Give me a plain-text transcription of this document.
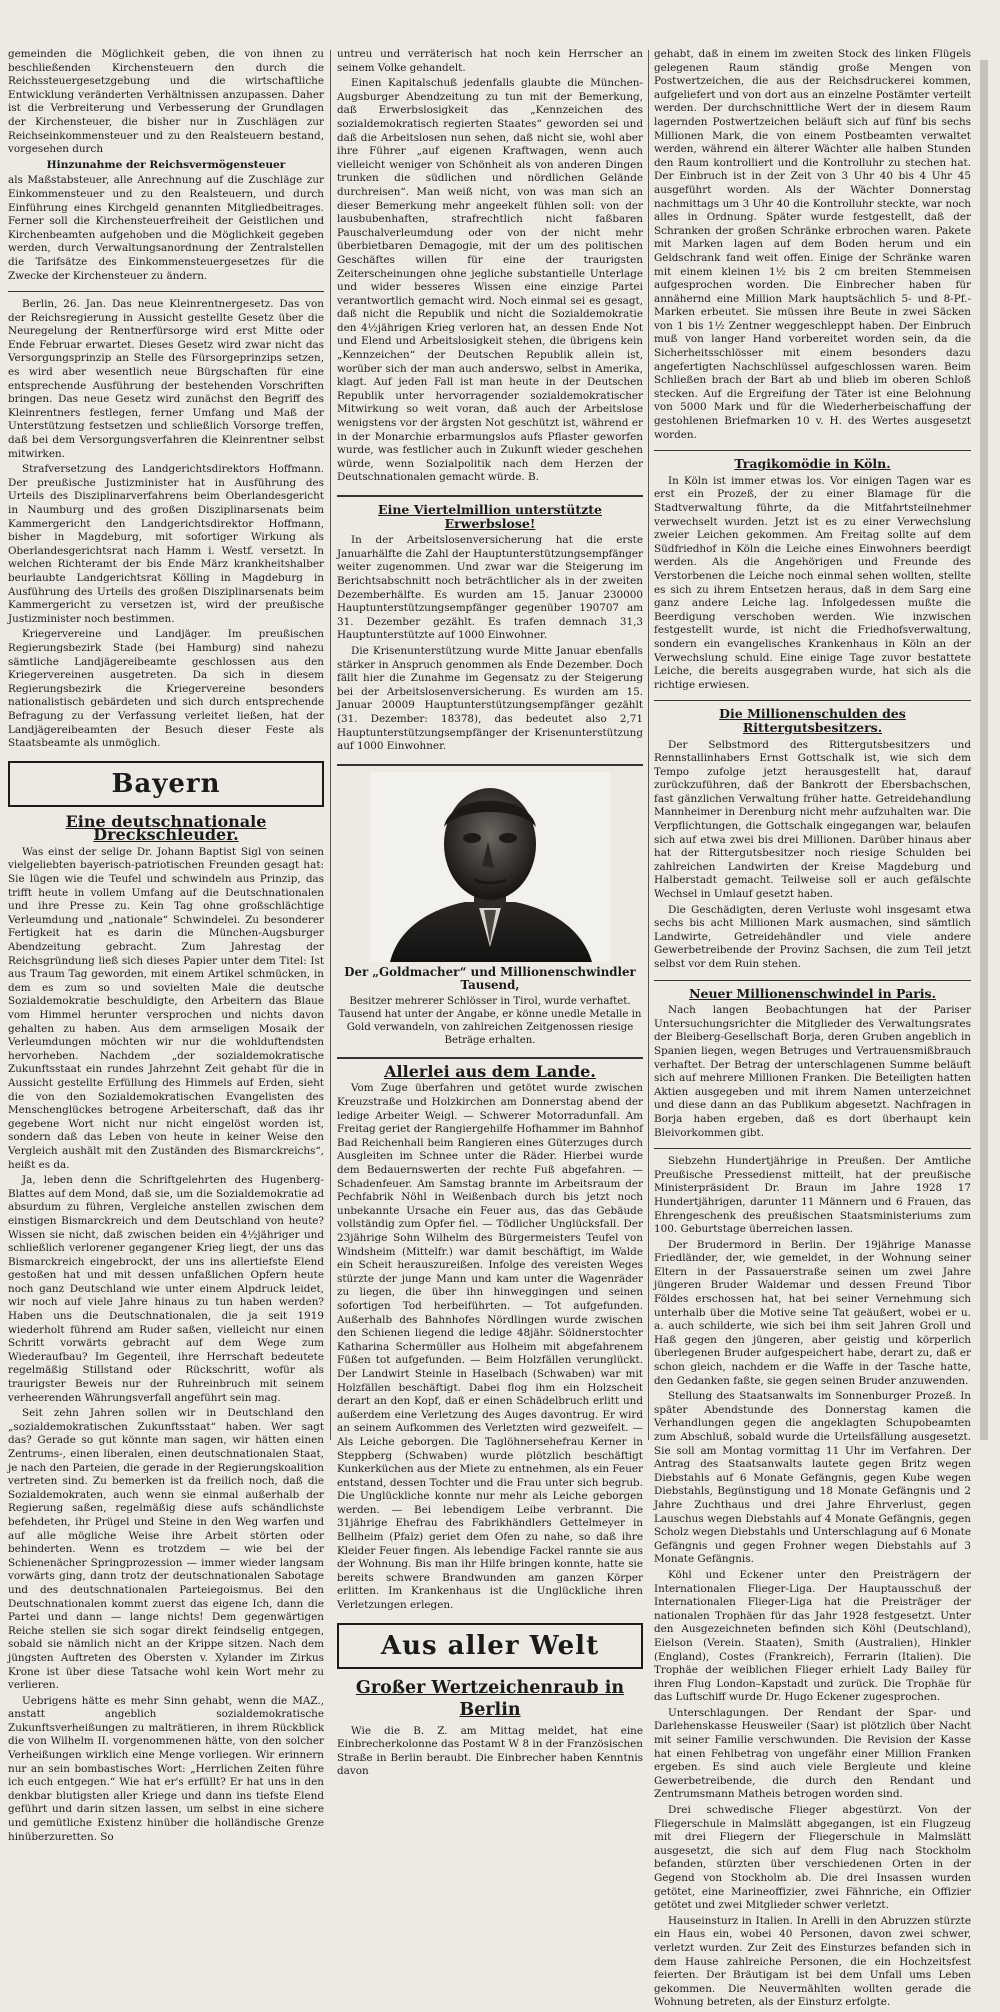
gemeinden die Möglichkeit geben, die von ihnen zu beschließenden Kirchensteuern den durch die Reichssteuergesetzgebung und die wirtschaftliche Entwicklung veränderten Verhältnissen anzupassen. Daher ist die Verbreiterung und Verbesserung der Grundlagen der Kirchensteuer, die bisher nur in Zuschlägen zur Reichseinkommensteuer und zu den Realsteuern bestand, vorgesehen durch

Hinzunahme der Reichsvermögensteuer

als Maßstabsteuer, alle Anrechnung auf die Zuschläge zur Einkommensteuer und zu den Realsteuern, und durch Einführung eines Kirchgeld genannten Mitgliedbeitrages. Ferner soll die Kirchensteuerfreiheit der Geistlichen und Kirchenbeamten aufgehoben und die Möglichkeit gegeben werden, durch Verwaltungsanordnung der Zentralstellen die Tarifsätze des Einkommensteuergesetzes für die Zwecke der Kirchensteuer zu ändern.

Berlin, 26. Jan. Das neue Kleinrentnergesetz. Das von der Reichsregierung in Aussicht gestellte Gesetz über die Neuregelung der Rentnerfürsorge wird erst Mitte oder Ende Februar erwartet. Dieses Gesetz wird zwar nicht das Versorgungsprinzip an Stelle des Fürsorgeprinzips setzen, es wird aber wesentlich neue Bürgschaften für eine entsprechende Ausführung der bestehenden Vorschriften bringen. Das neue Gesetz wird zunächst den Begriff des Kleinrentners festlegen, ferner Umfang und Maß der Unterstützung festsetzen und schließlich Vorsorge treffen, daß bei dem Versorgungsverfahren die Kleinrentner selbst mitwirken.

Strafversetzung des Landgerichtsdirektors Hoffmann. Der preußische Justizminister hat in Ausführung des Urteils des Disziplinarverfahrens beim Oberlandesgericht in Naumburg und des großen Disziplinarsenats beim Kammergericht den Landgerichtsdirektor Hoffmann, bisher in Magdeburg, mit sofortiger Wirkung als Oberlandesgerichtsrat nach Hamm i. Westf. versetzt. In welchen Richteramt der bis Ende März krankheitshalber beurlaubte Landgerichtsrat Kölling in Magdeburg in Ausführung des Urteils des großen Disziplinarsenats beim Kammergericht zu versetzen ist, wird der preußische Justizminister noch bestimmen.

Kriegervereine und Landjäger. Im preußischen Regierungsbezirk Stade (bei Hamburg) sind nahezu sämtliche Landjägereibeamte geschlossen aus den Kriegervereinen ausgetreten. Da sich in diesem Regierungsbezirk die Kriegervereine besonders nationalistisch gebärdeten und sich durch entsprechende Befragung zu der Verfassung verleitet ließen, hat der Landjägereibeamten der Besuch dieser Feste als Staatsbeamte als unmöglich.

Bayern
Eine deutschnationale Dreckschleuder.

Was einst der selige Dr. Johann Baptist Sigl von seinen vielgeliebten bayerisch-patriotischen Freunden gesagt hat: Sie lügen wie die Teufel und schwindeln aus Prinzip, das trifft heute in vollem Umfang auf die Deutschnationalen und ihre Presse zu. Kein Tag ohne großschlächtige Verleumdung und „nationale“ Schwindelei. Zu besonderer Fertigkeit hat es darin die München-Augsburger Abendzeitung gebracht. Zum Jahrestag der Reichsgründung ließ sich dieses Papier unter dem Titel: Ist aus Traum Tag geworden, mit einem Artikel schmücken, in dem es zum so und sovielten Male die deutsche Sozialdemokratie beschuldigte, den Arbeitern das Blaue vom Himmel herunter versprochen und nichts davon gehalten zu haben. Aus dem armseligen Mosaik der Verleumdungen möchten wir nur die wohlduftendsten hervorheben. Nachdem „der sozialdemokratische Zukunftsstaat ein rundes Jahrzehnt Zeit gehabt für die in Aussicht gestellte Erfüllung des Himmels auf Erden, sieht die von den Sozialdemokratischen Evangelisten des Menschenglückes betrogene Arbeiterschaft, daß das ihr gegebene Wort nicht nur nicht eingelöst worden ist, sondern daß das Leben von heute in keiner Weise den Vergleich aushält mit den Zuständen des Bismarckreichs“, heißt es da.

Ja, leben denn die Schriftgelehrten des Hugenberg-Blattes auf dem Mond, daß sie, um die Sozialdemokratie ad absurdum zu führen, Vergleiche anstellen zwischen dem einstigen Bismarckreich und dem Deutschland von heute? Wissen sie nicht, daß zwischen beiden ein 4½jähriger und schließlich verlorener gegangener Krieg liegt, der uns das Bismarckreich eingebrockt, der uns ins allertiefste Elend gestoßen hat und mit dessen unfaßlichen Opfern heute noch ganz Deutschland wie unter einem Alpdruck leidet, wir noch auf viele Jahre hinaus zu tun haben werden? Haben uns die Deutschnationalen, die ja seit 1919 wiederholt führend am Ruder saßen, vielleicht nur einen Schritt vorwärts gebracht auf dem Wege zum Wiederaufbau? Im Gegenteil, ihre Herrschaft bedeutete regelmäßig Stillstand oder Rückschritt, wofür als traurigster Beweis nur der Ruhreinbruch mit seinem verheerenden Währungsverfall angeführt sein mag.

Seit zehn Jahren sollen wir in Deutschland den „sozialdemokratischen Zukunftsstaat“ haben. Wer sagt das? Gerade so gut könnte man sagen, wir hätten einen Zentrums-, einen liberalen, einen deutschnationalen Staat, je nach den Parteien, die gerade in der Regierungskoalition vertreten sind. Zu bemerken ist da freilich noch, daß die Sozialdemokraten, auch wenn sie einmal außerhalb der Regierung saßen, regelmäßig diese aufs schändlichste befehdeten, ihr Prügel und Steine in den Weg warfen und auf alle mögliche Weise ihre Arbeit störten oder behinderten. Wenn es trotzdem — wie bei der Schienenächer Springprozession — immer wieder langsam vorwärts ging, dann trotz der deutschnationalen Sabotage und des deutschnationalen Parteiegoismus. Bei den Deutschnationalen kommt zuerst das eigene Ich, dann die Partei und dann — lange nichts! Dem gegenwärtigen Reiche stellen sie sich sogar direkt feindselig entgegen, sobald sie nämlich nicht an der Krippe sitzen. Nach dem jüngsten Auftreten des Obersten v. Xylander im Zirkus Krone ist über diese Tatsache wohl kein Wort mehr zu verlieren.

Uebrigens hätte es mehr Sinn gehabt, wenn die MAZ., anstatt angeblich sozialdemokratische Zukunftsverheißungen zu malträtieren, in ihrem Rückblick die von Wilhelm II. vorgenommenen hätte, von den solcher Verheißungen wirklich eine Menge vorliegen. Wir erinnern nur an sein bombastisches Wort: „Herrlichen Zeiten führe ich euch entgegen.“ Wie hat er's erfüllt? Er hat uns in den denkbar blutigsten aller Kriege und dann ins tiefste Elend geführt und darin sitzen lassen, um selbst in eine sichere und gemütliche Existenz hinüber die holländische Grenze hinüberzuretten. So

untreu und verräterisch hat noch kein Herrscher an seinem Volke gehandelt.

Einen Kapitalschuß jedenfalls glaubte die München-Augsburger Abendzeitung zu tun mit der Bemerkung, daß Erwerbslosigkeit das „Kennzeichen des sozialdemokratisch regierten Staates“ geworden sei und daß die Arbeitslosen nun sehen, daß nicht sie, wohl aber ihre Führer „auf eigenen Kraftwagen, wenn auch vielleicht weniger von Schönheit als von anderen Dingen trunken die südlichen und nördlichen Gelände durchreisen“. Man weiß nicht, von was man sich an dieser Bemerkung mehr angeekelt fühlen soll: von der lausbubenhaften, strafrechtlich nicht faßbaren Pauschalverleumdung oder von der nicht mehr überbietbaren Demagogie, mit der um des politischen Geschäftes willen für eine der traurigsten Zeiterscheinungen ohne jegliche substantielle Unterlage und wider besseres Wissen eine einzige Partei verantwortlich gemacht wird. Noch einmal sei es gesagt, daß nicht die Republik und nicht die Sozialdemokratie den 4½jährigen Krieg verloren hat, an dessen Ende Not und Elend und Arbeitslosigkeit stehen, die übrigens kein „Kennzeichen“ der Deutschen Republik allein ist, worüber sich der man auch anderswo, selbst in Amerika, klagt. Auf jeden Fall ist man heute in der Deutschen Republik unter hervorragender sozialdemokratischer Mitwirkung so weit voran, daß auch der Arbeitslose wenigstens vor der ärgsten Not geschützt ist, während er in der Monarchie erbarmungslos aufs Pflaster geworfen wurde, was festlicher auch in Zukunft wieder geschehen würde, wenn Sozialpolitik nach dem Herzen der Deutschnationalen gemacht würde. B.

Eine Viertelmillion unterstützte Erwerbslose!

In der Arbeitslosenversicherung hat die erste Januarhälfte die Zahl der Hauptunterstützungsempfänger weiter zugenommen. Und zwar war die Steigerung im Berichtsabschnitt noch beträchtlicher als in der zweiten Dezemberhälfte. Es wurden am 15. Januar 230000 Hauptunterstützungsempfänger gegenüber 190707 am 31. Dezember gezählt. Es trafen demnach 31,3 Hauptunterstützte auf 1000 Einwohner.

Die Krisenunterstützung wurde Mitte Januar ebenfalls stärker in Anspruch genommen als Ende Dezember. Doch fällt hier die Zunahme im Gegensatz zu der Steigerung bei der Arbeitslosenversicherung. Es wurden am 15. Januar 20009 Hauptunterstützungsempfänger gezählt (31. Dezember: 18378), das bedeutet also 2,71 Hauptunterstützungsempfänger der Krisenunterstützung auf 1000 Einwohner.

Der „Goldmacher“ und Millionenschwindler Tausend,
Besitzer mehrerer Schlösser in Tirol, wurde verhaftet. Tausend hat unter der Angabe, er könne unedle Metalle in Gold verwandeln, von zahlreichen Zeitgenossen riesige Beträge erhalten.
Allerlei aus dem Lande.

Vom Zuge überfahren und getötet wurde zwischen Kreuzstraße und Holzkirchen am Donnerstag abend der ledige Arbeiter Weigl. — Schwerer Motorradunfall. Am Freitag geriet der Rangiergehilfe Hofhammer im Bahnhof Bad Reichenhall beim Rangieren eines Güterzuges durch Ausgleiten im Schnee unter die Räder. Hierbei wurde dem Bedauernswerten der rechte Fuß abgefahren. — Schadenfeuer. Am Samstag brannte im Arbeitsraum der Pechfabrik Nöhl in Weißenbach durch bis jetzt noch unbekannte Ursache ein Feuer aus, das das Gebäude vollständig zum Opfer fiel. — Tödlicher Unglücksfall. Der 23jährige Sohn Wilhelm des Bürgermeisters Teufel von Windsheim (Mittelfr.) war damit beschäftigt, im Walde ein Scheit herauszureißen. Infolge des vereisten Weges stürzte der junge Mann und kam unter die Wagenräder zu liegen, die über ihn hinweggingen und seinen sofortigen Tod herbeiführten. — Tot aufgefunden. Außerhalb des Bahnhofes Nördlingen wurde zwischen den Schienen liegend die ledige 48jähr. Söldnerstochter Katharina Schermüller aus Holheim mit abgefahrenem Füßen tot aufgefunden. — Beim Holzfällen verunglückt. Der Landwirt Steinle in Haselbach (Schwaben) war mit Holzfällen beschäftigt. Dabei flog ihm ein Holzscheit derart an den Kopf, daß er einen Schädelbruch erlitt und außerdem eine Verletzung des Auges davontrug. Er wird an seinem Aufkommen des Verletzten wird gezweifelt. — Als Leiche geborgen. Die Taglöhnersehefrau Kerner in Steppberg (Schwaben) wurde plötzlich beschäftigt Kunkerküchen aus der Miete zu entnehmen, als ein Feuer entstand, dessen Tochter und die Frau unter sich begrub. Die Unglückliche konnte nur mehr als Leiche geborgen werden. — Bei lebendigem Leibe verbrannt. Die 31jährige Ehefrau des Fabrikhändlers Gettelmeyer in Bellheim (Pfalz) geriet dem Ofen zu nahe, so daß ihre Kleider Feuer fingen. Als lebendige Fackel rannte sie aus der Wohnung. Bis man ihr Hilfe bringen konnte, hatte sie bereits schwere Brandwunden am ganzen Körper erlitten. Im Krankenhaus ist die Unglückliche ihren Verletzungen erlegen.

Aus aller Welt
Großer Wertzeichenraub in Berlin

Wie die B. Z. am Mittag meldet, hat eine Einbrecherkolonne das Postamt W 8 in der Französischen Straße in Berlin beraubt. Die Einbrecher haben Kenntnis davon

gehabt, daß in einem im zweiten Stock des linken Flügels gelegenen Raum ständig große Mengen von Postwertzeichen, die aus der Reichsdruckerei kommen, aufgeliefert und von dort aus an einzelne Postämter verteilt werden. Der durchschnittliche Wert der in diesem Raum lagernden Postwertzeichen beläuft sich auf fünf bis sechs Millionen Mark, die von einem Postbeamten verwaltet werden, während ein älterer Wächter alle halben Stunden den Raum kontrolliert und die Kontrolluhr zu stechen hat. Der Einbruch ist in der Zeit von 3 Uhr 40 bis 4 Uhr 45 ausgeführt worden. Als der Wächter Donnerstag nachmittags um 3 Uhr 40 die Kontrolluhr steckte, war noch alles in Ordnung. Später wurde festgestellt, daß der Schranken der großen Schränke erbrochen waren. Pakete mit Marken lagen auf dem Boden herum und ein Geldschrank fand weit offen. Einige der Schränke waren mit einem kleinen 1½ bis 2 cm breiten Stemmeisen aufgesprochen worden. Die Einbrecher haben für annähernd eine Million Mark hauptsächlich 5- und 8-Pf.-Marken erbeutet. Sie müssen ihre Beute in zwei Säcken von 1 bis 1½ Zentner weggeschleppt haben. Der Einbruch muß von langer Hand vorbereitet worden sein, da die Sicherheitsschlösser mit einem besonders dazu angefertigten Nachschlüssel aufgeschlossen waren. Beim Schließen brach der Bart ab und blieb im oberen Schloß stecken. Auf die Ergreifung der Täter ist eine Belohnung von 5000 Mark und für die Wiederherbeischaffung der gestohlenen Briefmarken 10 v. H. des Wertes ausgesetzt worden.

Tragikomödie in Köln.

In Köln ist immer etwas los. Vor einigen Tagen war es erst ein Prozeß, der zu einer Blamage für die Stadtverwaltung führte, da die Mitfahrtsteilnehmer verwechselt wurden. Jetzt ist es zu einer Verwechslung zweier Leichen gekommen. Am Freitag sollte auf dem Südfriedhof in Köln die Leiche eines Einwohners beerdigt werden. Als die Angehörigen und Freunde des Verstorbenen die Leiche noch einmal sehen wollten, stellte es sich zu ihrem Entsetzen heraus, daß in dem Sarg eine ganz andere Leiche lag. Infolgedessen mußte die Beerdigung verschoben werden. Wie inzwischen festgestellt wurde, ist nicht die Friedhofsverwaltung, sondern ein evangelisches Krankenhaus in Köln an der Verwechslung schuld. Eine einige Tage zuvor bestattete Leiche, die bereits ausgegraben wurde, hat sich als die richtige erwiesen.

Die Millionenschulden des Rittergutsbesitzers.

Der Selbstmord des Rittergutsbesitzers und Rennstallinhabers Ernst Gottschalk ist, wie sich dem Tempo zufolge jetzt herausgestellt hat, darauf zurückzuführen, daß der Bankrott der Ebersbachschen, fast gänzlichen Verwaltung früher hatte. Getreidehandlung Mannheimer in Derenburg nicht mehr aufzuhalten war. Die Verpflichtungen, die Gottschalk eingegangen war, belaufen sich auf etwa zwei bis drei Millionen. Darüber hinaus aber hat der Rittergutsbesitzer noch riesige Schulden bei zahlreichen Landwirten der Kreise Magdeburg und Halberstadt gemacht. Teilweise soll er auch gefälschte Wechsel in Umlauf gesetzt haben.

Die Geschädigten, deren Verluste wohl insgesamt etwa sechs bis acht Millionen Mark ausmachen, sind sämtlich Landwirte, Getreidehändler und viele andere Gewerbetreibende der Provinz Sachsen, die zum Teil jetzt selbst vor dem Ruin stehen.

Neuer Millionenschwindel in Paris.

Nach langen Beobachtungen hat der Pariser Untersuchungsrichter die Mitglieder des Verwaltungsrates der Bleiberg-Gesellschaft Borja, deren Gruben angeblich in Spanien liegen, wegen Betruges und Vertrauensmißbrauch verhaftet. Der Betrag der unterschlagenen Summe beläuft sich auf mehrere Millionen Franken. Die Beteiligten hatten Aktien ausgegeben und mit ihrem Namen unterzeichnet und diese dann an das Publikum abgesetzt. Nachfragen in Borja haben ergeben, daß es dort überhaupt kein Bleivorkommen gibt.

Siebzehn Hundertjährige in Preußen. Der Amtliche Preußische Pressedienst mitteilt, hat der preußische Ministerpräsident Dr. Braun im Jahre 1928 17 Hundertjährigen, darunter 11 Männern und 6 Frauen, das Ehrengeschenk des preußischen Staatsministeriums zum 100. Geburtstage überreichen lassen.

Der Brudermord in Berlin. Der 19jährige Manasse Friedländer, der, wie gemeldet, in der Wohnung seiner Eltern in der Passauerstraße seinen um zwei Jahre jüngeren Bruder Waldemar und dessen Freund Tibor Földes erschossen hat, hat bei seiner Vernehmung sich unterhalb über die Motive seine Tat geäußert, wobei er u. a. auch schilderte, wie sich bei ihm seit Jahren Groll und Haß gegen den jüngeren, aber geistig und körperlich überlegenen Bruder aufgespeichert habe, derart zu, daß er schon gleich, nachdem er die Waffe in der Tasche hatte, den Gedanken faßte, sie gegen seinen Bruder anzuwenden.

Stellung des Staatsanwalts im Sonnenburger Prozeß. In später Abendstunde des Donnerstag kamen die Verhandlungen gegen die angeklagten Schupobeamten zum Abschluß, sobald wurde die Urteilsfällung ausgesetzt. Sie soll am Montag vormittag 11 Uhr im Verfahren. Der Antrag des Staatsanwalts lautete gegen Britz wegen Diebstahls auf 6 Monate Gefängnis, gegen Kube wegen Diebstahls, Begünstigung und 18 Monate Gefängnis und 2 Jahre Zuchthaus und drei Jahre Ehrverlust, gegen Lauschus wegen Diebstahls auf 4 Monate Gefängnis, gegen Scholz wegen Diebstahls und Unterschlagung auf 6 Monate Gefängnis und gegen Frohner wegen Diebstahls auf 3 Monate Gefängnis.

Köhl und Eckener unter den Preisträgern der Internationalen Flieger-Liga. Der Hauptausschuß der Internationalen Flieger-Liga hat die Preisträger der nationalen Trophäen für das Jahr 1928 festgesetzt. Unter den Ausgezeichneten befinden sich Köhl (Deutschland), Eielson (Verein. Staaten), Smith (Australien), Hinkler (England), Costes (Frankreich), Ferrarin (Italien). Die Trophäe der weiblichen Flieger erhielt Lady Bailey für ihren Flug London–Kapstadt und zurück. Die Trophäe für das Luftschiff wurde Dr. Hugo Eckener zugesprochen.

Unterschlagungen. Der Rendant der Spar- und Darlehenskasse Heusweiler (Saar) ist plötzlich über Nacht mit seiner Familie verschwunden. Die Revision der Kasse hat einen Fehlbetrag von ungefähr einer Million Franken ergeben. Es sind auch viele Bergleute und kleine Gewerbetreibende, die durch den Rendant und Zentrumsmann Matheis betrogen worden sind.

Drei schwedische Flieger abgestürzt. Von der Fliegerschule in Malmslätt abgegangen, ist ein Flugzeug mit drei Fliegern der Fliegerschule in Malmslätt ausgesetzt, die sich auf dem Flug nach Stockholm befanden, stürzten über verschiedenen Orten in der Gegend von Stockholm ab. Die drei Insassen wurden getötet, eine Marineoffizier, zwei Fähnriche, ein Offizier getötet und zwei Mitglieder schwer verletzt.

Hauseinsturz in Italien. In Arelli in den Abruzzen stürzte ein Haus ein, wobei 40 Personen, davon zwei schwer, verletzt wurden. Zur Zeit des Einsturzes befanden sich in dem Hause zahlreiche Personen, die ein Hochzeitsfest feierten. Der Bräutigam ist bei dem Unfall ums Leben gekommen. Die Neuvermählten wollten gerade die Wohnung betreten, als der Einsturz erfolgte.
